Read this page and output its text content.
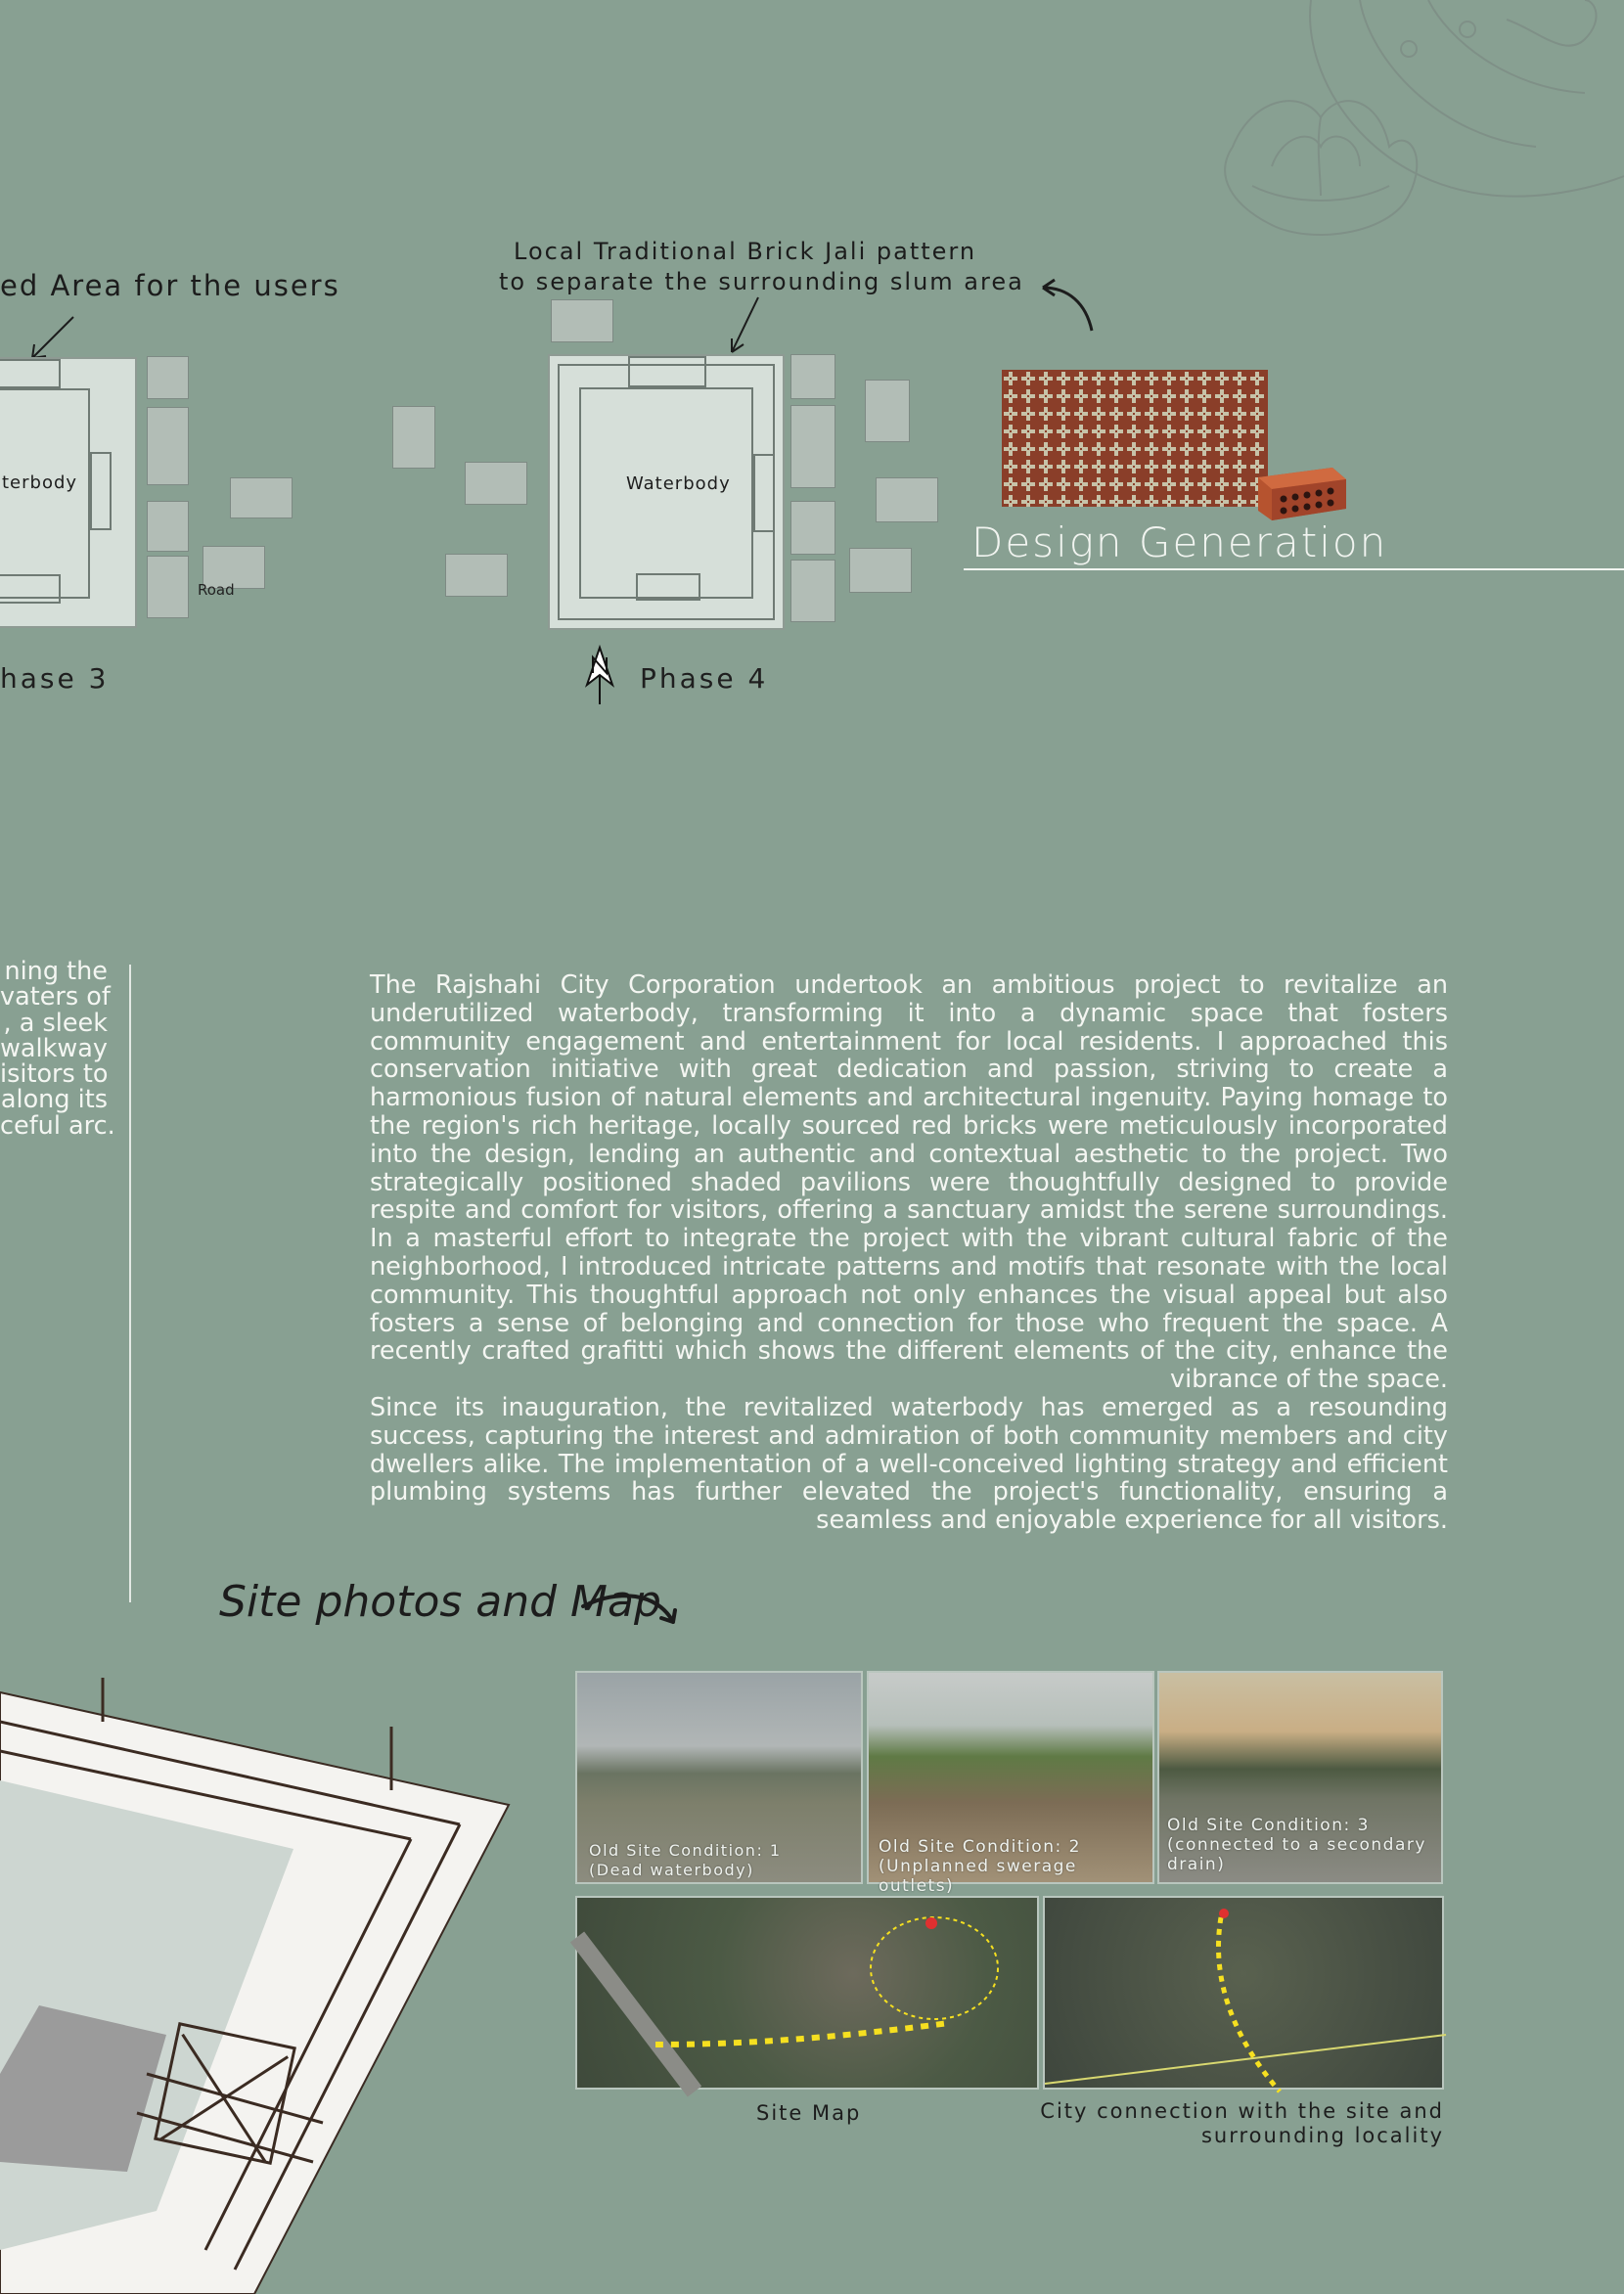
ed Area for the users
Local Traditional Brick Jali pattern
to separate the surrounding slum area
terbody
Road
hase 3
Waterbody
Phase 4
Design Generation
ning the
vaters of
, a sleek
walkway
isitors to
along its
ceful arc.
The Rajshahi City Corporation undertook an ambitious project to revitalize an underutilized waterbody, transforming it into a dynamic space that fosters community engagement and entertainment for local residents. I approached this conservation initiative with great dedication and passion, striving to create a harmonious fusion of natural elements and architectural ingenuity. Paying homage to the region's rich heritage, locally sourced red bricks were meticulously incorporated into the design, lending an authentic and contextual aesthetic to the project. Two strategically positioned shaded pavilions were thoughtfully designed to provide respite and comfort for visitors, offering a sanctuary amidst the serene surroundings. In a masterful effort to integrate the project with the vibrant cultural fabric of the neighborhood, I introduced intricate patterns and motifs that resonate with the local community. This thoughtful approach not only enhances the visual appeal but also fosters a sense of belonging and connection for those who frequent the space. A recently crafted grafitti which shows the different elements of the city, enhance the vibrance of the space.
Since its inauguration, the revitalized waterbody has emerged as a resounding success, capturing the interest and admiration of both community members and city dwellers alike. The implementation of a well-conceived lighting strategy and efficient plumbing systems has further elevated the project's functionality, ensuring a seamless and enjoyable experience for all visitors.
Site photos and Map
Old Site Condition: 1
(Dead waterbody)
Old Site Condition: 2
(Unplanned swerage outlets)
Old Site Condition: 3
(connected to a secondary
drain)
Site Map	City connection with the site and
surrounding locality
